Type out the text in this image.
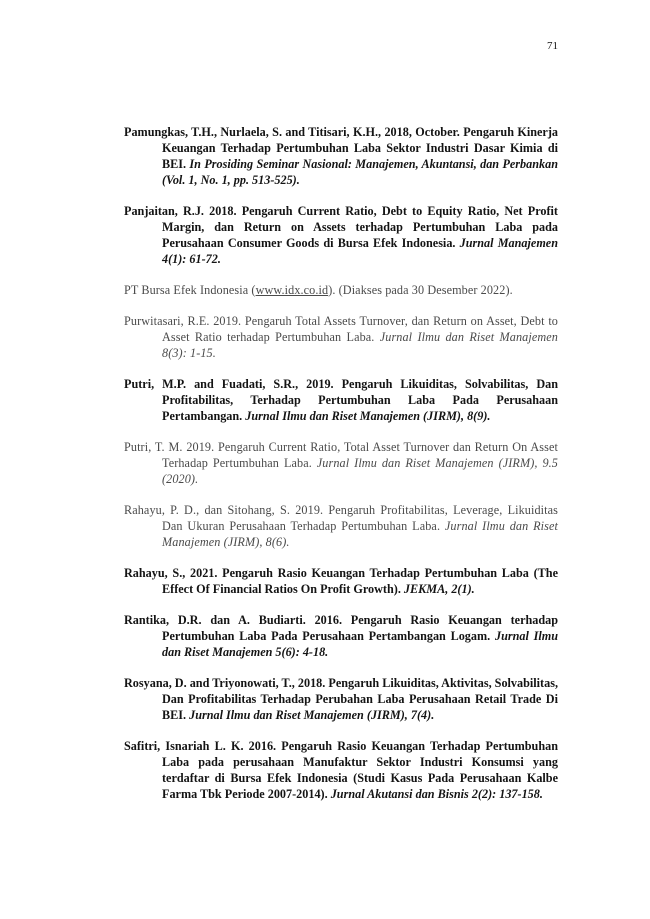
71

Pamungkas, T.H., Nurlaela, S. and Titisari, K.H., 2018, October. Pengaruh Kinerja Keuangan Terhadap Pertumbuhan Laba Sektor Industri Dasar Kimia di BEI. In Prosiding Seminar Nasional: Manajemen, Akuntansi, dan Perbankan (Vol. 1, No. 1, pp. 513-525).

Panjaitan, R.J. 2018. Pengaruh Current Ratio, Debt to Equity Ratio, Net Profit Margin, dan Return on Assets terhadap Pertumbuhan Laba pada Perusahaan Consumer Goods di Bursa Efek Indonesia. Jurnal Manajemen 4(1): 61-72.

PT Bursa Efek Indonesia (www.idx.co.id). (Diakses pada 30 Desember 2022).

Purwitasari, R.E. 2019. Pengaruh Total Assets Turnover, dan Return on Asset, Debt to Asset Ratio terhadap Pertumbuhan Laba. Jurnal Ilmu dan Riset Manajemen 8(3): 1-15.

Putri, M.P. and Fuadati, S.R., 2019. Pengaruh Likuiditas, Solvabilitas, Dan Profitabilitas, Terhadap Pertumbuhan Laba Pada Perusahaan Pertambangan. Jurnal Ilmu dan Riset Manajemen (JIRM), 8(9).

Putri, T. M. 2019. Pengaruh Current Ratio, Total Asset Turnover dan Return On Asset Terhadap Pertumbuhan Laba. Jurnal Ilmu dan Riset Manajemen (JIRM), 9.5 (2020).

Rahayu, P. D., dan Sitohang, S. 2019. Pengaruh Profitabilitas, Leverage, Likuiditas Dan Ukuran Perusahaan Terhadap Pertumbuhan Laba. Jurnal Ilmu dan Riset Manajemen (JIRM), 8(6).

Rahayu, S., 2021. Pengaruh Rasio Keuangan Terhadap Pertumbuhan Laba (The Effect Of Financial Ratios On Profit Growth). JEKMA, 2(1).

Rantika, D.R. dan A. Budiarti. 2016. Pengaruh Rasio Keuangan terhadap Pertumbuhan Laba Pada Perusahaan Pertambangan Logam. Jurnal Ilmu dan Riset Manajemen 5(6): 4-18.

Rosyana, D. and Triyonowati, T., 2018. Pengaruh Likuiditas, Aktivitas, Solvabilitas, Dan Profitabilitas Terhadap Perubahan Laba Perusahaan Retail Trade Di BEI. Jurnal Ilmu dan Riset Manajemen (JIRM), 7(4).

Safitri, Isnariah L. K. 2016. Pengaruh Rasio Keuangan Terhadap Pertumbuhan Laba pada perusahaan Manufaktur Sektor Industri Konsumsi yang terdaftar di Bursa Efek Indonesia (Studi Kasus Pada Perusahaan Kalbe Farma Tbk Periode 2007-2014). Jurnal Akutansi dan Bisnis 2(2): 137-158.
